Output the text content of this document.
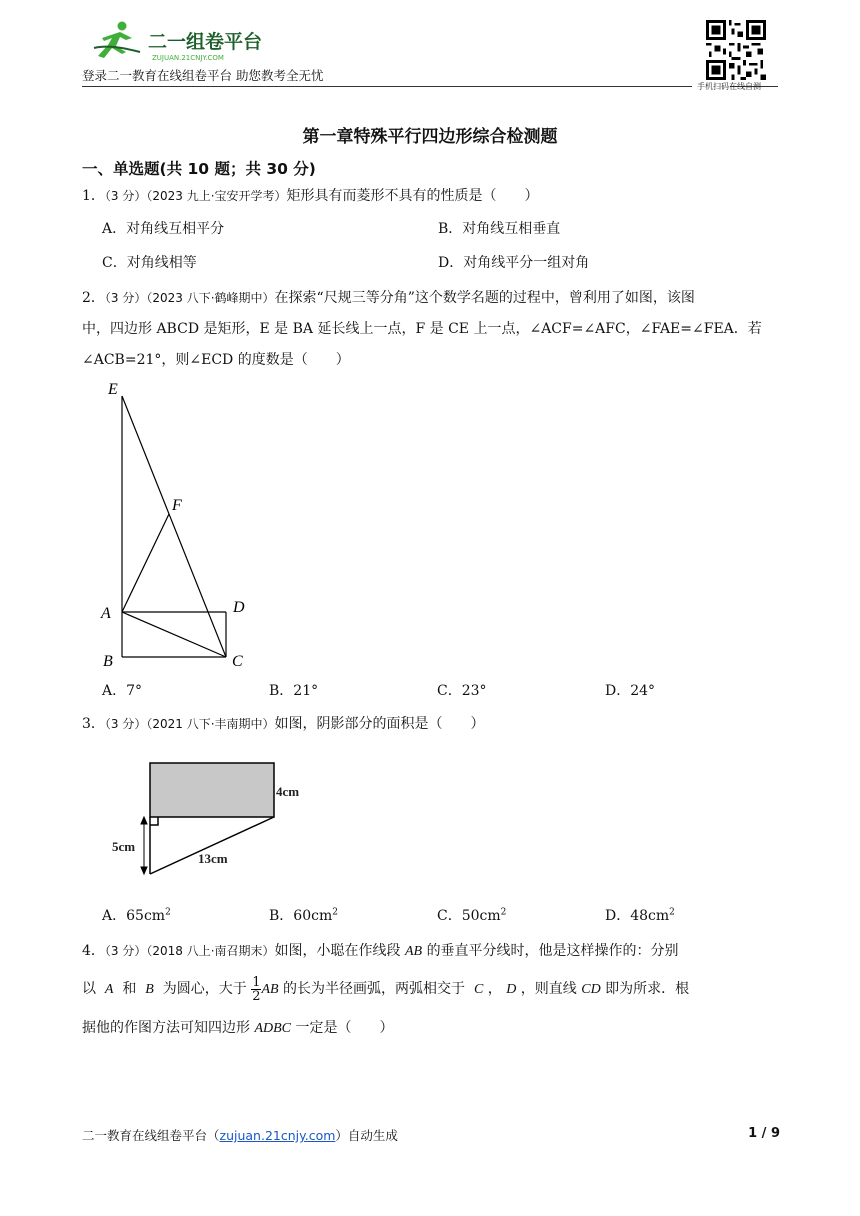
二一组卷平台
ZUJUAN.21CNJY.COM
登录二一教育在线组卷平台 助您教考全无忧
手机扫码在线自测
第一章特殊平行四边形综合检测题
一、单选题(共 10 题；共 30 分)
1．（3 分）（2023 九上·宝安开学考）矩形具有而菱形不具有的性质是（　　）
A．对角线互相平分	B．对角线互相垂直
C．对角线相等	D．对角线平分一组对角
2．（3 分）（2023 八下·鹤峰期中）在探索“尺规三等分角”这个数学名题的过程中，曾利用了如图，该图
中，四边形 ABCD 是矩形，E 是 BA 延长线上一点，F 是 CE 上一点，∠ACF=∠AFC，∠FAE=∠FEA．若
∠ACB=21°，则∠ECD 的度数是（　　）
E
F
A	D
B	C
A．7°	B．21°	C．23°	D．24°
3．（3 分）（2021 八下·丰南期中）如图，阴影部分的面积是（　　）
4cm
5cm
13cm
A．$65cm^2$	B．$60cm^2$	C．$50cm^2$	D．$48cm^2$
4．（3 分）（2018 八上·南召期末）如图，小聪在作线段 AB 的垂直平分线时，他是这样操作的：分别
以 A 和 B 为圆心，大于 $\frac{1}{2}$ AB 的长为半径画弧，两弧相交于 C ， D ，则直线 CD 即为所求．根
据他的作图方法可知四边形 ADBC 一定是（　　）
二一教育在线组卷平台（zujuan.21cnjy.com）自动生成	1 / 9
